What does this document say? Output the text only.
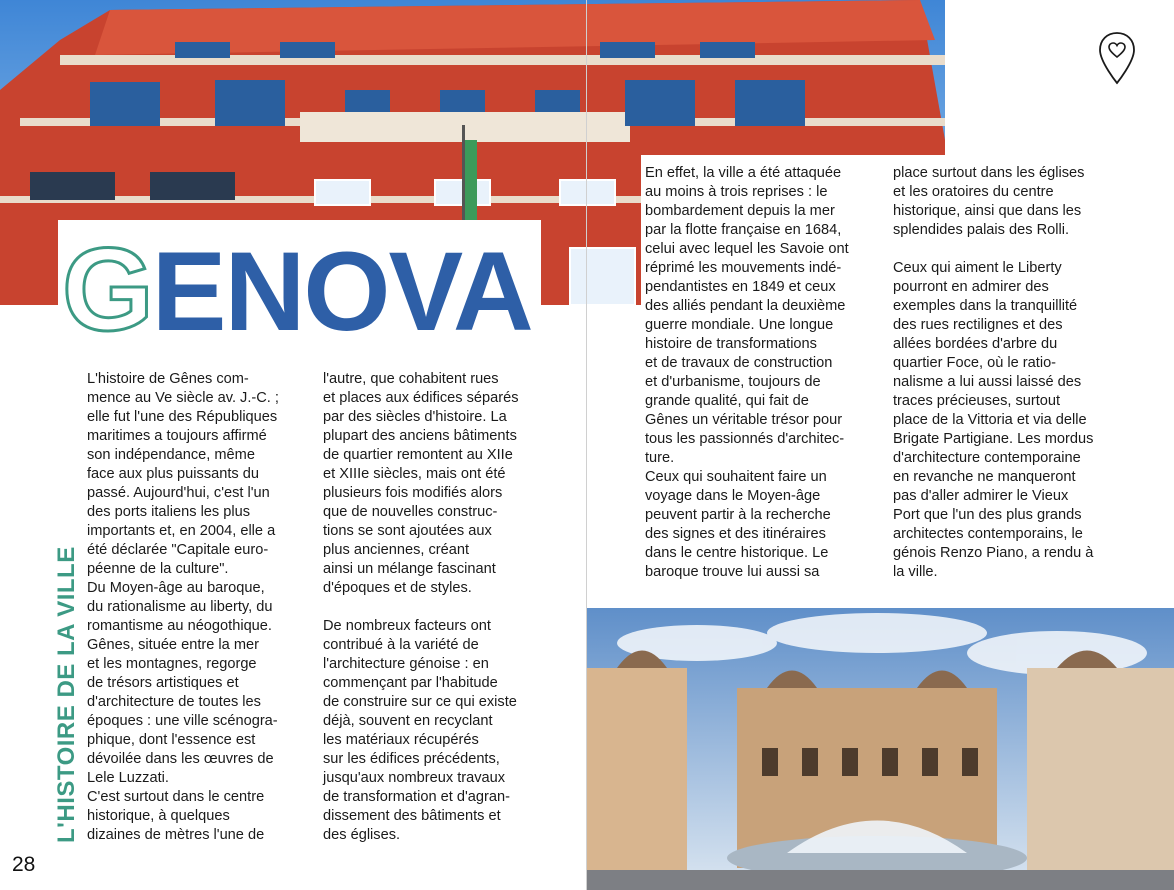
GENOVA
L'HISTOIRE DE LA VILLE
28

L'histoire de Gênes com-
mence au Ve siècle av. J.-C. ;
elle fut l'une des Républiques
maritimes a toujours affirmé
son indépendance, même
face aux plus puissants du
passé. Aujourd'hui, c'est l'un
des ports italiens les plus
importants et, en 2004, elle a
été déclarée "Capitale euro-
péenne de la culture".
Du Moyen-âge au baroque,
du rationalisme au liberty, du
romantisme au néogothique.
Gênes, située entre la mer
et les montagnes, regorge
de trésors artistiques et
d'architecture de toutes les
époques : une ville scénogra-
phique, dont l'essence est
dévoilée dans les œuvres de
Lele Luzzati.
C'est surtout dans le centre
historique, à quelques
dizaines de mètres l'une de

l'autre, que cohabitent rues
et places aux édifices séparés
par des siècles d'histoire. La
plupart des anciens bâtiments
de quartier remontent au XIIe
et XIIIe siècles, mais ont été
plusieurs fois modifiés alors
que de nouvelles construc-
tions se sont ajoutées aux
plus anciennes, créant
ainsi un mélange fascinant
d'époques et de styles.

De nombreux facteurs ont
contribué à la variété de
l'architecture génoise : en
commençant par l'habitude
de construire sur ce qui existe
déjà, souvent en recyclant
les matériaux récupérés
sur les édifices précédents,
jusqu'aux nombreux travaux
de transformation et d'agran-
dissement des bâtiments et
des églises.

En effet, la ville a été attaquée
au moins à trois reprises : le
bombardement depuis la mer
par la flotte française en 1684,
celui avec lequel les Savoie ont
réprimé les mouvements indé-
pendantistes en 1849 et ceux
des alliés pendant la deuxième
guerre mondiale. Une longue
histoire de transformations
et de travaux de construction
et d'urbanisme, toujours de
grande qualité, qui fait de
Gênes un véritable trésor pour
tous les passionnés d'architec-
ture.
Ceux qui souhaitent faire un
voyage dans le Moyen-âge
peuvent partir à la recherche
des signes et des itinéraires
dans le centre historique. Le
baroque trouve lui aussi sa

place surtout dans les églises
et les oratoires du centre
historique, ainsi que dans les
splendides palais des Rolli.

Ceux qui aiment le Liberty
pourront en admirer des
exemples dans la tranquillité
des rues rectilignes et des
allées bordées d'arbre du
quartier Foce, où le ratio-
nalisme a lui aussi laissé des
traces précieuses, surtout
place de la Vittoria et via delle
Brigate Partigiane. Les mordus
d'architecture contemporaine
en revanche ne manqueront
pas d'aller admirer le Vieux
Port que l'un des plus grands
architectes contemporains, le
génois Renzo Piano, a rendu à
la ville.
